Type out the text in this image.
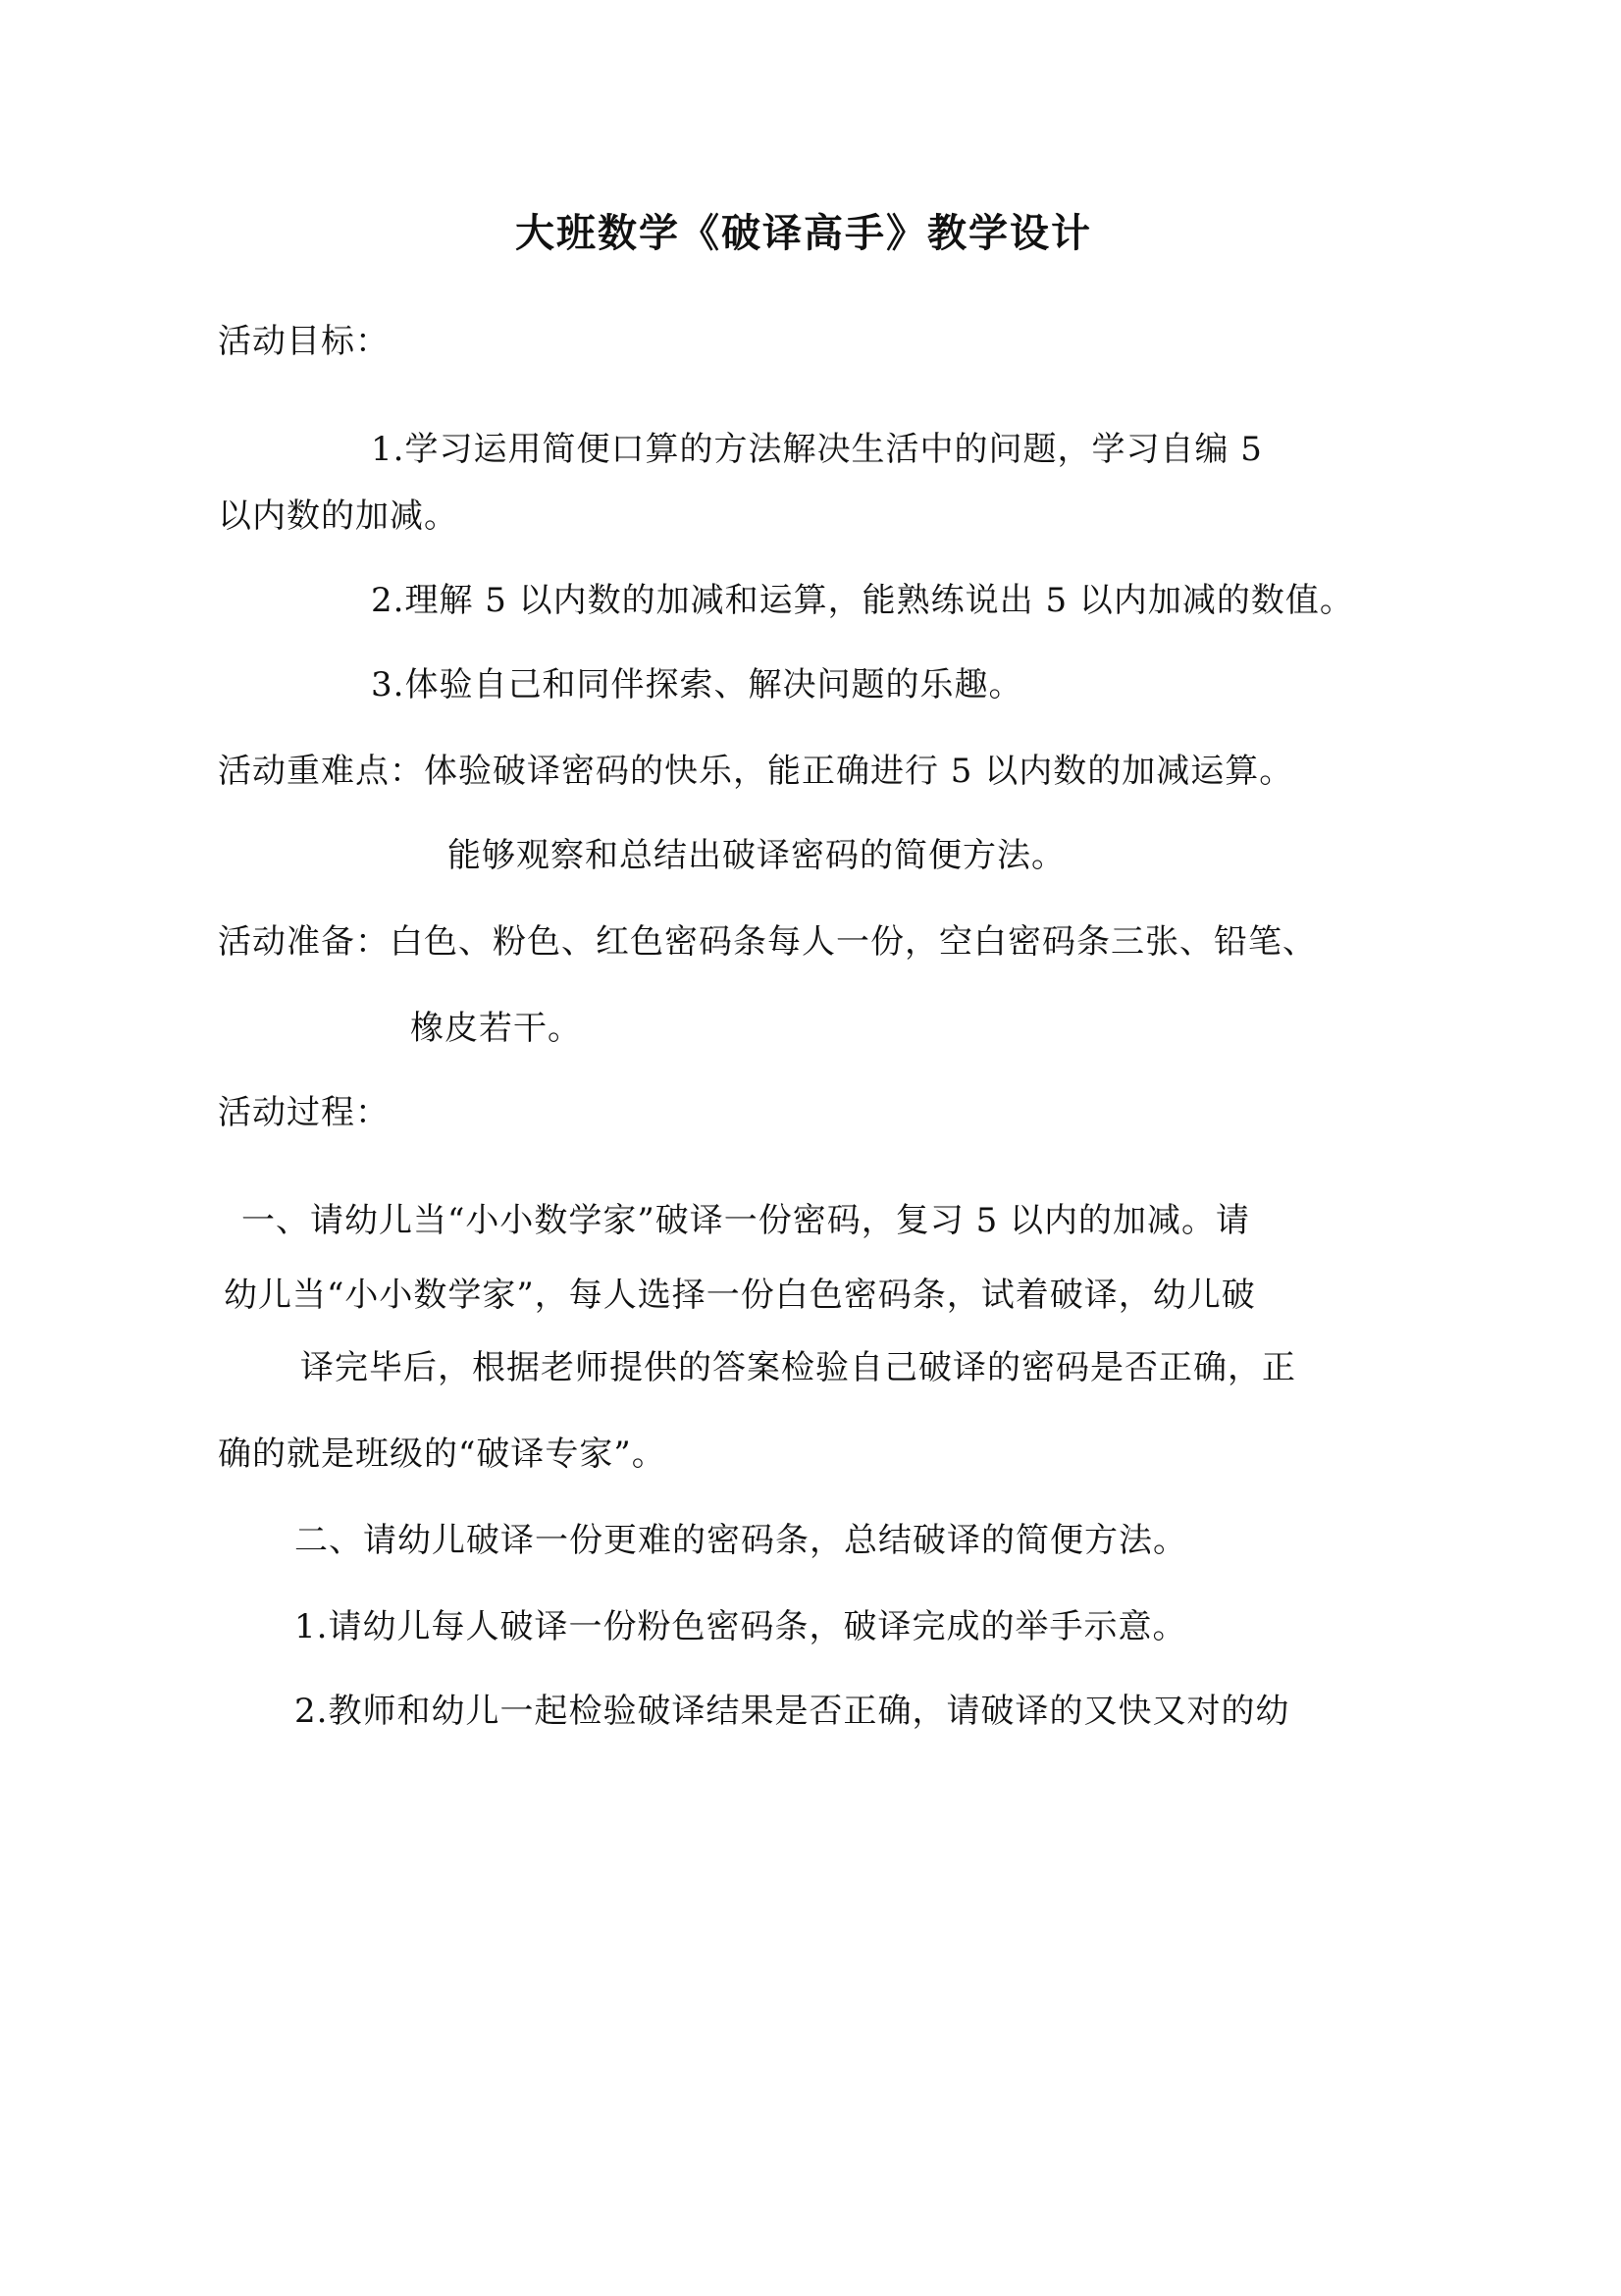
大班数学《破译高手》教学设计
活动目标：
1.学习运用简便口算的方法解决生活中的问题，学习自编 5
以内数的加减。
2.理解 5 以内数的加减和运算，能熟练说出 5 以内加减的数值。
3.体验自己和同伴探索、解决问题的乐趣。
活动重难点：体验破译密码的快乐，能正确进行 5 以内数的加减运算。
能够观察和总结出破译密码的简便方法。
活动准备：白色、粉色、红色密码条每人一份，空白密码条三张、铅笔、
橡皮若干。
活动过程：
一、请幼儿当“小小数学家”破译一份密码，复习 5 以内的加减。请
幼儿当“小小数学家”，每人选择一份白色密码条，试着破译，幼儿破
译完毕后，根据老师提供的答案检验自己破译的密码是否正确，正
确的就是班级的“破译专家”。
二、请幼儿破译一份更难的密码条，总结破译的简便方法。
1.请幼儿每人破译一份粉色密码条，破译完成的举手示意。
2.教师和幼儿一起检验破译结果是否正确，请破译的又快又对的幼
